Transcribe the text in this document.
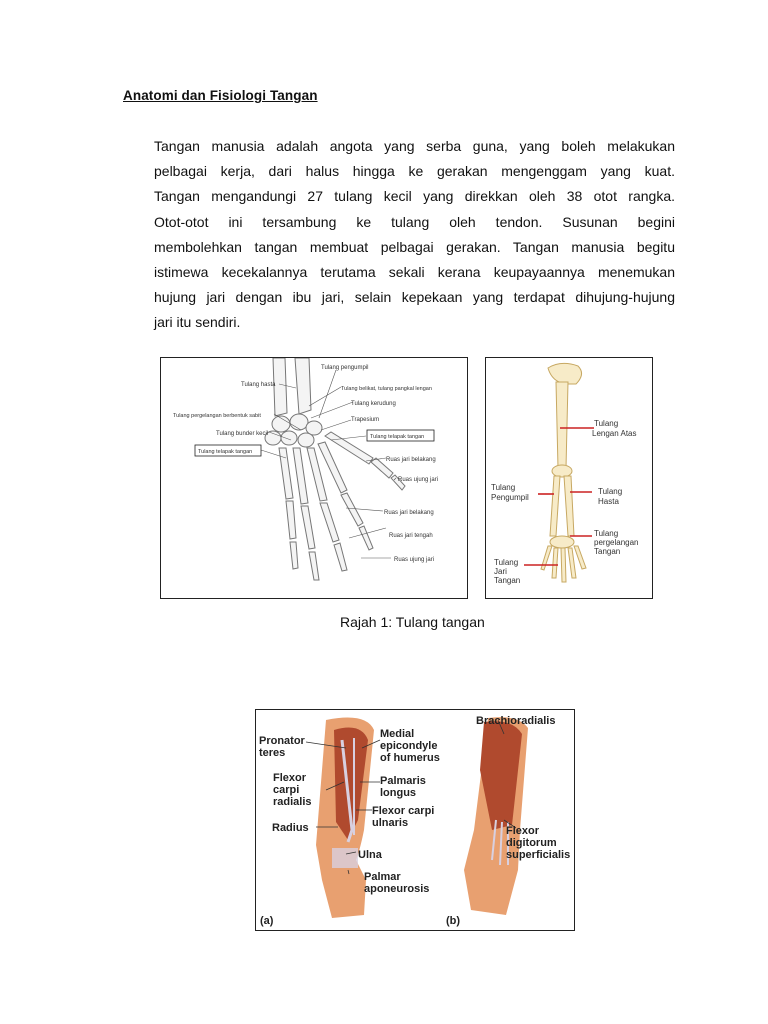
Anatomi dan Fisiologi Tangan
Tangan manusia adalah angota yang serba guna, yang boleh melakukan
pelbagai kerja, dari halus hingga ke gerakan mengenggam yang kuat.
Tangan mengandungi 27 tulang kecil yang direkkan oleh 38 otot rangka.
Otot-otot ini tersambung ke tulang oleh tendon. Susunan begini
membolehkan tangan membuat pelbagai gerakan. Tangan manusia begitu
istimewa kecekalannya terutama sekali kerana keupayaannya menemukan
hujung jari dengan ibu jari, selain kepekaan yang terdapat dihujung-hujung
jari itu sendiri.
Tulang pengumpil
Tulang hasta
Tulang belikat, tulang pangkal lengan
Tulang kerudung
Tulang pergelangan berbentuk sabit
Trapesium
Tulang bunder kecil	Tulang telapak tangan
Tulang telapak tangan
Ruas jari belakang
Ruas ujung jari
Ruas jari belakang
Ruas jari tengah
Ruas ujung jari
Tulang
Lengan Atas
Tulang
Pengumpil
Tulang
Hasta
Tulang
pergelangan
Tangan
Tulang
Jari
Tangan
Rajah 1: Tulang tangan
Pronator
teres
Medial
epicondyle
of humerus
Flexor
carpi
radialis
Palmaris
longus
Flexor carpi
ulnaris
Radius
Ulna
Palmar
aponeurosis
(a)
Brachioradialis
Flexor
digitorum
superficialis
(b)
